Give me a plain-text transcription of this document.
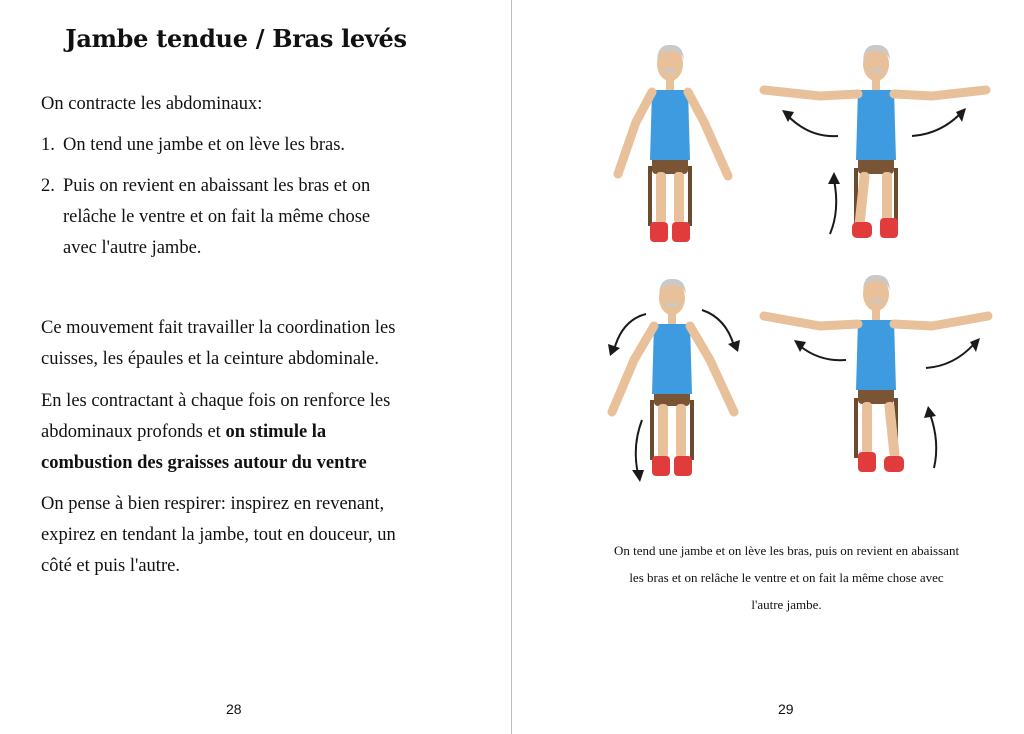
Jambe tendue / Bras levés
On contracte les abdominaux:
1. On tend une jambe et on lève les bras.
2. Puis on revient en abaissant les bras et on
relâche le ventre et on fait la même chose
avec l'autre jambe.
Ce mouvement fait travailler la coordination les
cuisses, les épaules et la ceinture abdominale.
En les contractant à chaque fois on renforce les
abdominaux profonds et on stimule la
combustion des graisses autour du ventre
On pense à bien respirer: inspirez en revenant,
expirez en tendant la jambe, tout en douceur, un
côté et puis l'autre.
28
On tend une jambe et on lève les bras, puis on revient en abaissant
les bras et on relâche le ventre et on fait la même chose avec
l'autre jambe.
29
